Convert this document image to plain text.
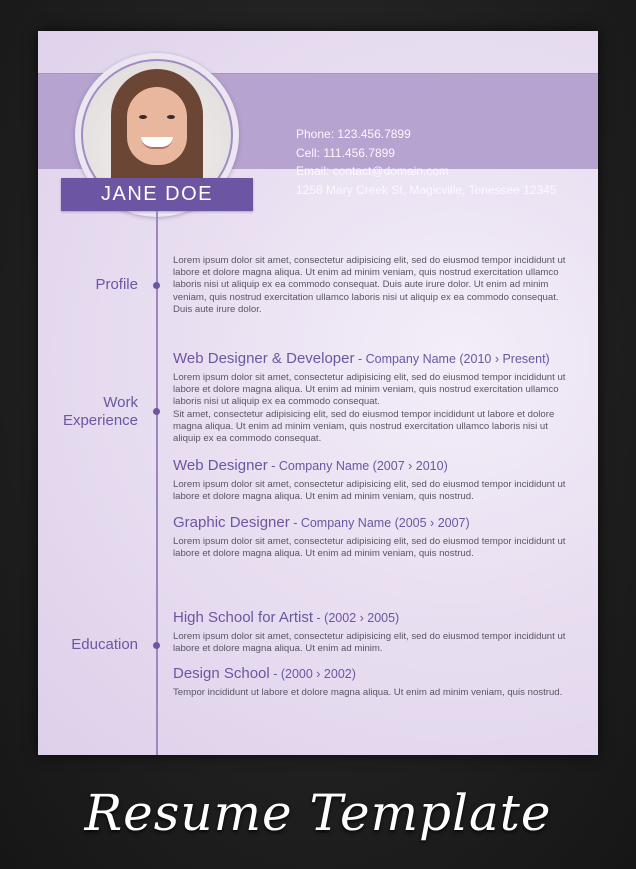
Phone: 123.456.7899
Cell: 111.456.7899
Email: contact@domain.com
1258 Mary Creek St, Magicville, Tenessee 12345
JANE DOE
Profile

Lorem ipsum dolor sit amet, consectetur adipisicing elit, sed do eiusmod tempor incididunt ut labore et dolore magna aliqua. Ut enim ad minim veniam, quis nostrud exercitation ullamco laboris nisi ut aliquip ex ea commodo consequat. Duis aute irure dolor. Ut enim ad minim veniam, quis nostrud exercitation ullamco laboris nisi ut aliquip ex ea commodo consequat. Duis aute irure dolor.

Work
Experience

Web Designer & Developer - Company Name (2010 › Present)

Lorem ipsum dolor sit amet, consectetur adipisicing elit, sed do eiusmod tempor incididunt ut labore et dolore magna aliqua. Ut enim ad minim veniam, quis nostrud exercitation ullamco laboris nisi ut aliquip ex ea commodo consequat.

Sit amet, consectetur adipisicing elit, sed do eiusmod tempor incididunt ut labore et dolore magna aliqua. Ut enim ad minim veniam, quis nostrud exercitation ullamco laboris nisi ut aliquip ex ea commodo consequat.

Web Designer - Company Name (2007 › 2010)

Lorem ipsum dolor sit amet, consectetur adipisicing elit, sed do eiusmod tempor incididunt ut labore et dolore magna aliqua. Ut enim ad minim veniam, quis nostrud.

Graphic Designer - Company Name (2005 › 2007)

Lorem ipsum dolor sit amet, consectetur adipisicing elit, sed do eiusmod tempor incididunt ut labore et dolore magna aliqua. Ut enim ad minim veniam, quis nostrud.

Education

High School for Artist - (2002 › 2005)

Lorem ipsum dolor sit amet, consectetur adipisicing elit, sed do eiusmod tempor incididunt ut labore et dolore magna aliqua. Ut enim ad minim.

Design School - (2000 › 2002)

Tempor incididunt ut labore et dolore magna aliqua. Ut enim ad minim veniam, quis nostrud.

Resume Template
